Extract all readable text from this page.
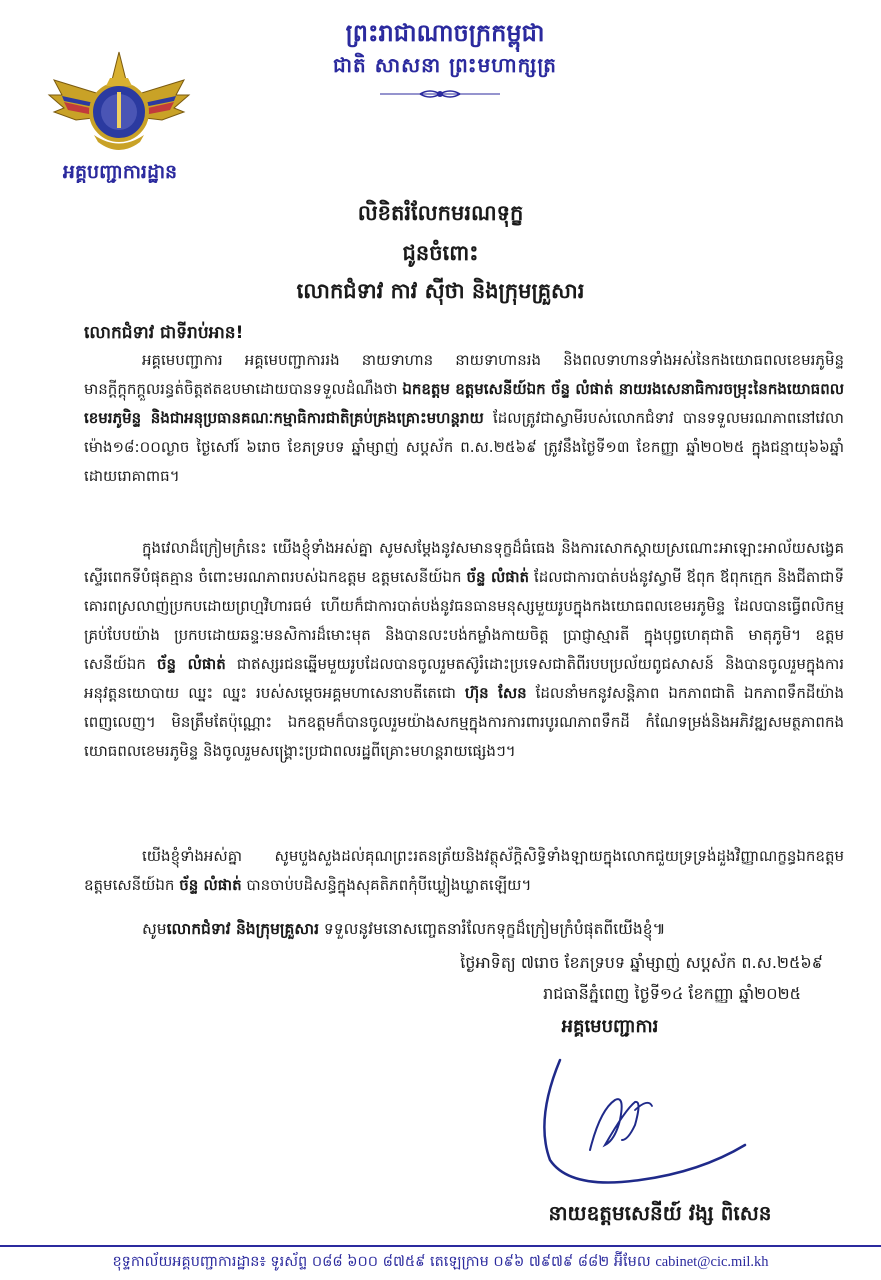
អគ្គបញ្ជាការដ្ឋាន
ព្រះរាជាណាចក្រកម្ពុជា
ជាតិ សាសនា ព្រះមហាក្សត្រ
លិខិតរំលែកមរណទុក្ខ
ជូនចំពោះ
លោកជំទាវ កាវ ស៊ីថា និងក្រុមគ្រួសារ
លោកជំទាវ ជាទីរាប់អាន!
អគ្គមេបញ្ជាការ អគ្គមេបញ្ជាការរង នាយទាហាន នាយទាហានរង និងពលទាហានទាំងអស់នៃកងយោធពលខេមរភូមិន្ទ មានក្តីក្តុកក្តួលរន្ធត់ចិត្តឥតឧបមាដោយបានទទួលដំណឹងថា ឯកឧត្តម ឧត្តមសេនីយ៍ឯក ច័ន្ទ លំផាត់ នាយរងសេនាធិការចម្រុះនៃកងយោធពលខេមរភូមិន្ទ និងជាអនុប្រធានគណៈកម្មាធិការជាតិគ្រប់គ្រងគ្រោះមហន្តរាយ ដែលត្រូវជាស្វាមីរបស់លោកជំទាវ បានទទួលមរណភាពនៅវេលាម៉ោង១៨:០០ល្ងាច ថ្ងៃសៅរ៍ ៦រោច ខែភទ្របទ ឆ្នាំម្សាញ់ សប្តស័ក ព.ស.២៥៦៩ ត្រូវនឹងថ្ងៃទី១៣ ខែកញ្ញា ឆ្នាំ២០២៥ ក្នុងជន្មាយុ៦៦ឆ្នាំ ដោយរោគាពាធ។
ក្នុងវេលាដ៏ក្រៀមក្រំនេះ យើងខ្ញុំទាំងអស់គ្នា សូមសម្តែងនូវសមានទុក្ខដ៏ធំធេង និងការសោកស្តាយស្រណោះអាឡោះអាល័យសង្វេគស្ទើរពេកទីបំផុតគ្មាន ចំពោះមរណភាពរបស់ឯកឧត្តម ឧត្តមសេនីយ៍ឯក ច័ន្ទ លំផាត់ ដែលជាការបាត់បង់នូវស្វាមី ឪពុក ឪពុកក្មេក និងជីតាជាទីគោរពស្រលាញ់ប្រកបដោយព្រហ្មវិហារធម៌ ហើយក៏ជាការបាត់បង់នូវធនធានមនុស្សមួយរូបក្នុងកងយោធពលខេមរភូមិន្ទ ដែលបានធ្វើពលិកម្មគ្រប់បែបយ៉ាង ប្រកបដោយឆន្ទៈមនសិការដ៏មោះមុត និងបានលះបង់កម្លាំងកាយចិត្ត ប្រាជ្ញាស្មារតី ក្នុងបុព្វហេតុជាតិ មាតុភូមិ។ ឧត្តមសេនីយ៍ឯក ច័ន្ទ លំផាត់ ជាឥស្សរជនឆ្នើមមួយរូបដែលបានចូលរួមតស៊ូរំដោះប្រទេសជាតិពីរបបប្រល័យពូជសាសន៍ និងបានចូលរួមក្នុងការអនុវត្តនយោបាយ ឈ្នះ ឈ្នះ របស់សម្តេចអគ្គមហាសេនាបតីតេជោ ហ៊ុន សែន ដែលនាំមកនូវសន្តិភាព ឯកភាពជាតិ ឯកភាពទឹកដីយ៉ាងពេញលេញ។ មិនត្រឹមតែប៉ុណ្ណោះ ឯកឧត្តមក៏បានចូលរួមយ៉ាងសកម្មក្នុងការការពារបូរណភាពទឹកដី កំណែទម្រង់និងអភិវឌ្ឍសមត្ថភាពកងយោធពលខេមរភូមិន្ទ និងចូលរួមសង្គ្រោះប្រជាពលរដ្ឋពីគ្រោះមហន្តរាយផ្សេងៗ។
យើងខ្ញុំទាំងអស់គ្នា សូមបួងសួងដល់គុណព្រះរតនត្រ័យនិងវត្ថុស័ក្តិសិទ្ធិទាំងឡាយក្នុងលោកជួយទ្រទ្រង់ដួងវិញ្ញាណក្ខន្ធឯកឧត្តម ឧត្តមសេនីយ៍ឯក ច័ន្ទ លំផាត់ បានចាប់បដិសន្ធិក្នុងសុគតិភពកុំបីឃ្លៀងឃ្លាតឡើយ។
សូមលោកជំទាវ និងក្រុមគ្រួសារ ទទួលនូវមនោសញ្ចេតនារំលែកទុក្ខដ៏ក្រៀមក្រំបំផុតពីយើងខ្ញុំ៕
ថ្ងៃអាទិត្យ ៧រោច ខែភទ្របទ ឆ្នាំម្សាញ់ សប្តស័ក ព.ស.២៥៦៩
រាជធានីភ្នំពេញ ថ្ងៃទី១៤ ខែកញ្ញា ឆ្នាំ២០២៥
អគ្គមេបញ្ជាការ
នាយឧត្តមសេនីយ៍ វង្ស ពិសេន
ខុទ្ទកាល័យអគ្គបញ្ជាការដ្ឋាន៖ ទូរស័ព្ទ ០៨៨ ៦០០ ៨៧៥៩ តេឡេក្រាម ០៩៦ ៧៩៧៩ ៨៨២ អ៊ីមែល cabinet@cic.mil.kh
